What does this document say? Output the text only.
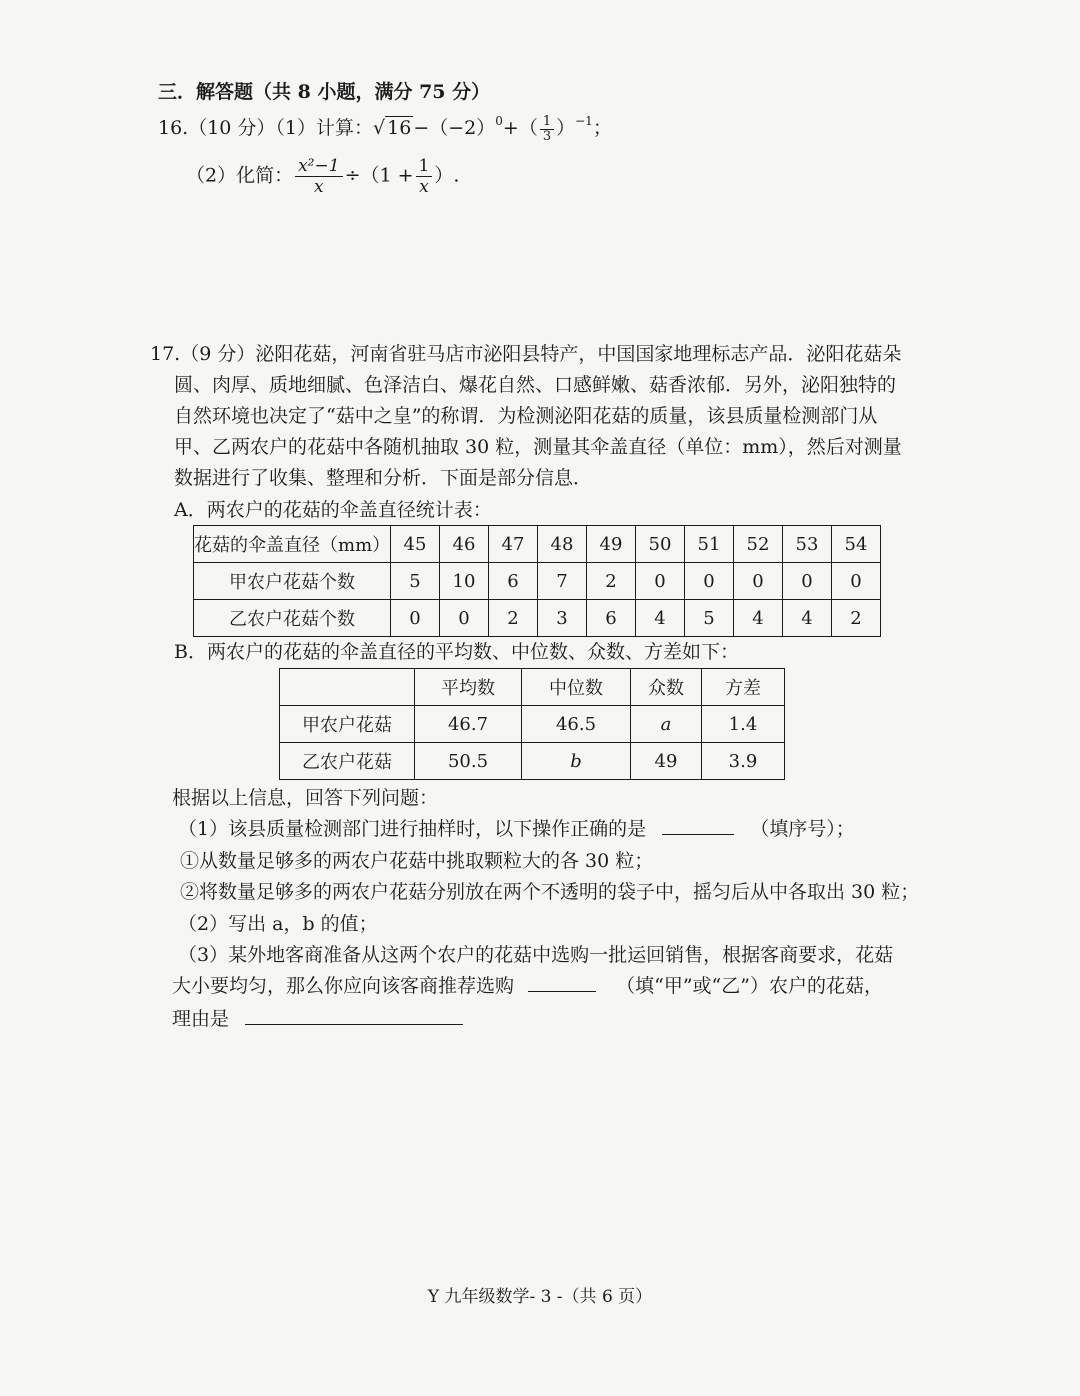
三．解答题（共 8 小题，满分 75 分）
16.（10 分）（1）计算：√ $16 -(-2)^0+( \frac{1}{3} )^{-1}$；
（2）化简： $\frac{\text{x²−1}}{x} \div(1 + \frac{1}{x}$ ）.
17.（9 分）泌阳花菇，河南省驻马店市泌阳县特产，中国国家地理标志产品．泌阳花菇朵
圆、肉厚、质地细腻、色泽洁白、爆花自然、口感鲜嫩、菇香浓郁．另外，泌阳独特的
自然环境也决定了“菇中之皇”的称谓．为检测泌阳花菇的质量，该县质量检测部门从
甲、乙两农户的花菇中各随机抽取 30 粒，测量其伞盖直径（单位：mm），然后对测量
数据进行了收集、整理和分析．下面是部分信息．
A．两农户的花菇的伞盖直径统计表：
花菇的伞盖直径（mm）	45	46	47	48	49	50	51	52	53	54
甲农户花菇个数	5	10	6	7	2	0	0	0	0	0
乙农户花菇个数	0	0	2	3	6	4	5	4	4	2
B．两农户的花菇的伞盖直径的平均数、中位数、众数、方差如下：
	平均数	中位数	众数	方差
甲农户花菇	46.7	46.5	a	1.4
乙农户花菇	50.5	b	49	3.9
根据以上信息，回答下列问题：
（1）该县质量检测部门进行抽样时，以下操作正确的是	（填序号）；
①从数量足够多的两农户花菇中挑取颗粒大的各 30 粒；
②将数量足够多的两农户花菇分别放在两个不透明的袋子中，摇匀后从中各取出 30 粒；
（2）写出 a，b 的值；
（3）某外地客商准备从这两个农户的花菇中选购一批运回销售，根据客商要求，花菇
大小要均匀，那么你应向该客商推荐选购	（填“甲”或“乙”）农户的花菇，
理由是
Y 九年级数学- 3 -（共 6 页）
